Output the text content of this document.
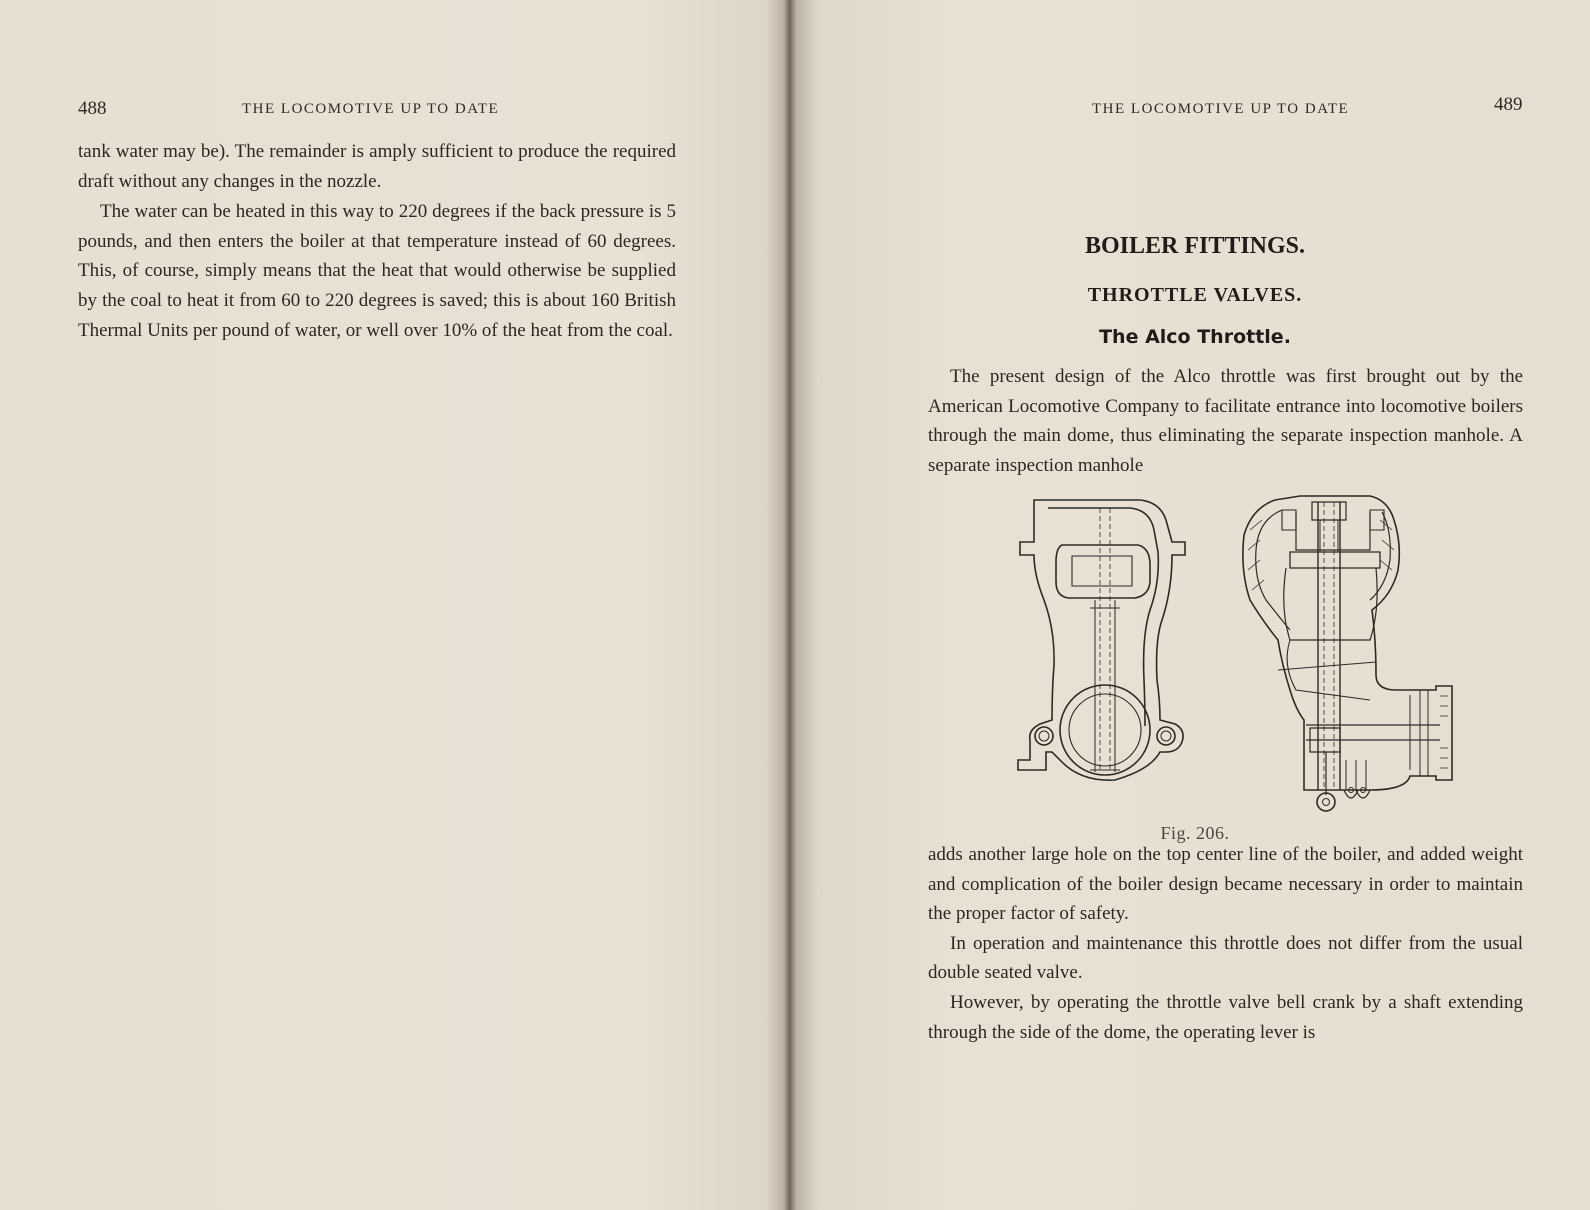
488	THE LOCOMOTIVE UP TO DATE

tank water may be). The remainder is amply sufficient to produce the required draft without any changes in the nozzle.

The water can be heated in this way to 220 degrees if the back pressure is 5 pounds, and then enters the boiler at that temperature instead of 60 degrees. This, of course, simply means that the heat that would otherwise be supplied by the coal to heat it from 60 to 220 degrees is saved; this is about 160 British Thermal Units per pound of water, or well over 10% of the heat from the coal.

THE LOCOMOTIVE UP TO DATE	489
BOILER FITTINGS.
THROTTLE VALVES.
The Alco Throttle.

The present design of the Alco throttle was first brought out by the American Locomotive Company to facilitate entrance into locomotive boilers through the main dome, thus eliminating the separate inspection manhole. A separate inspection manhole

Fig. 206.

adds another large hole on the top center line of the boiler, and added weight and complication of the boiler design became necessary in order to maintain the proper factor of safety.

In operation and maintenance this throttle does not differ from the usual double seated valve.

However, by operating the throttle valve bell crank by a shaft extending through the side of the dome, the operating lever is
